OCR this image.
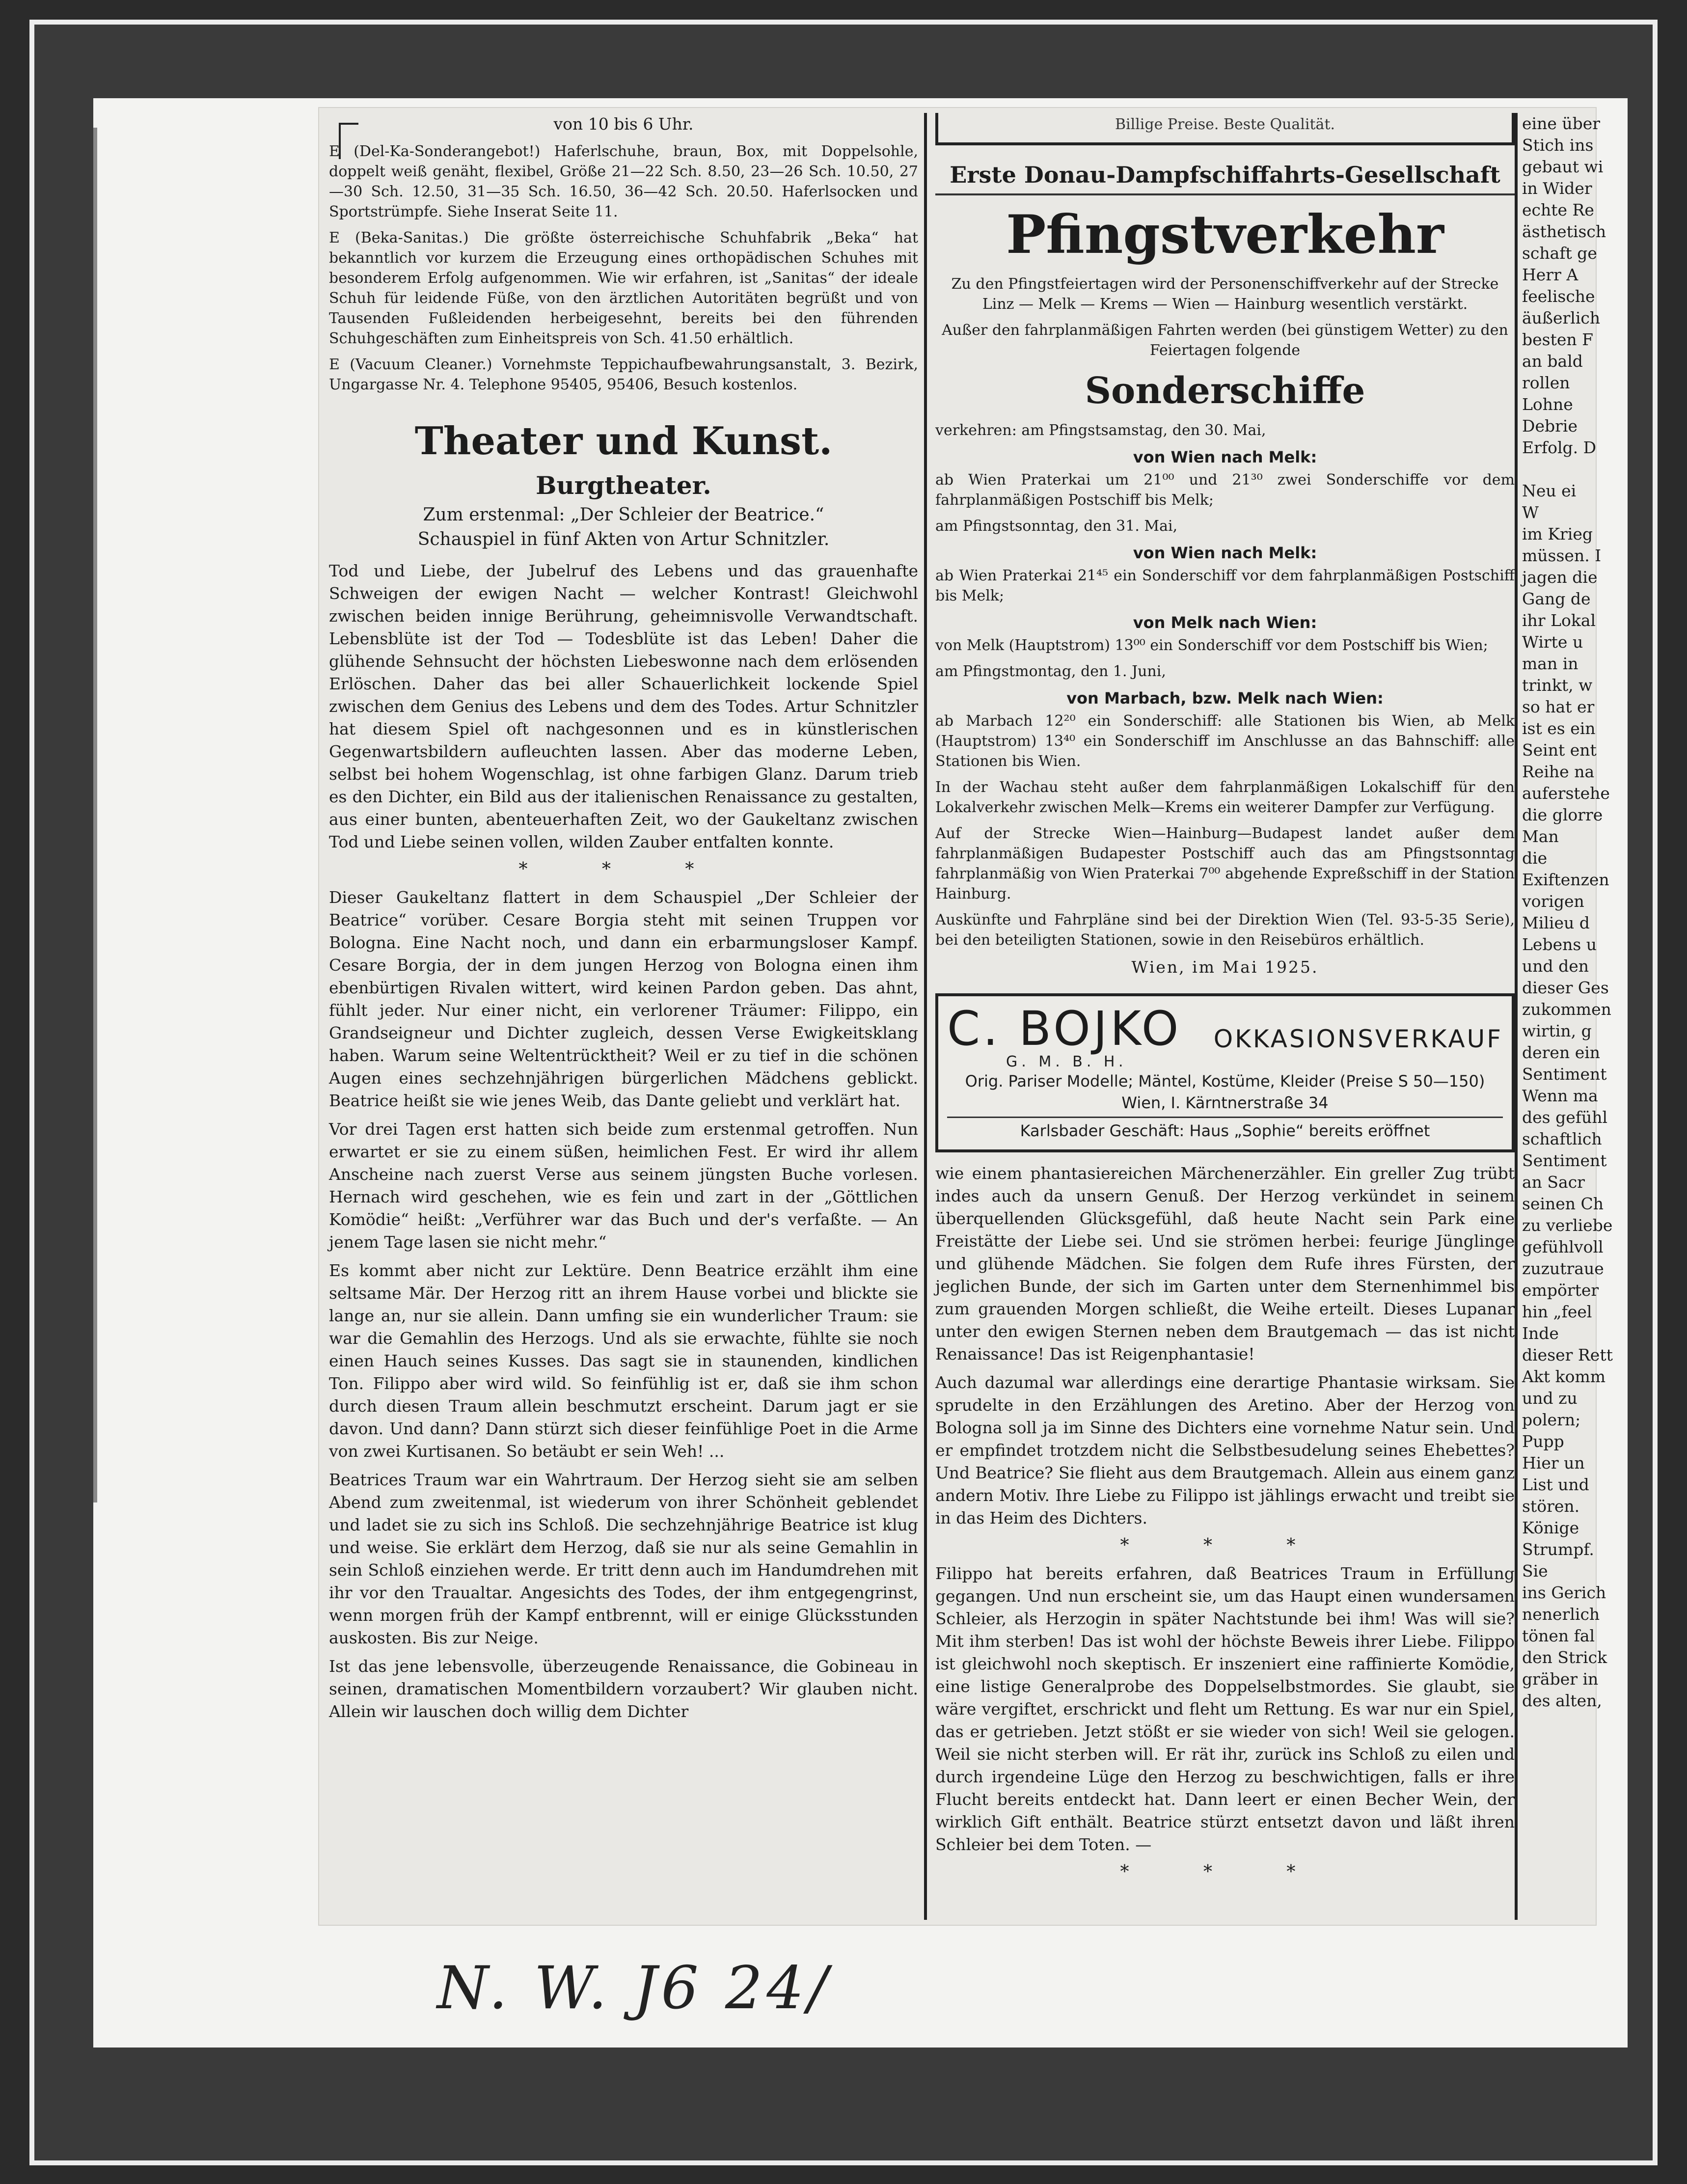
von 10 bis 6 Uhr.

E (Del-Ka-Sonderangebot!) Haferlschuhe, braun, Box, mit Doppelsohle, doppelt weiß genäht, flexibel, Größe 21—22 Sch. 8.50, 23—26 Sch. 10.50, 27—30 Sch. 12.50, 31—35 Sch. 16.50, 36—42 Sch. 20.50. Haferlsocken und Sportstrümpfe. Siehe Inserat Seite 11.

E (Beka-Sanitas.) Die größte österreichische Schuhfabrik „Beka“ hat bekanntlich vor kurzem die Erzeugung eines orthopädischen Schuhes mit besonderem Erfolg aufgenommen. Wie wir erfahren, ist „Sanitas“ der ideale Schuh für leidende Füße, von den ärztlichen Autoritäten begrüßt und von Tausenden Fußleidenden herbeigesehnt, bereits bei den führenden Schuhgeschäften zum Einheitspreis von Sch. 41.50 erhältlich.

E (Vacuum Cleaner.) Vornehmste Teppichaufbewahrungsanstalt, 3. Bezirk, Ungargasse Nr. 4. Telephone 95405, 95406, Besuch kostenlos.

Theater und Kunst.
Burgtheater.
Zum erstenmal: „Der Schleier der Beatrice.“
Schauspiel in fünf Akten von Artur Schnitzler.

Tod und Liebe, der Jubelruf des Lebens und das grauenhafte Schweigen der ewigen Nacht — welcher Kontrast! Gleichwohl zwischen beiden innige Berührung, geheimnisvolle Verwandtschaft. Lebensblüte ist der Tod — Todesblüte ist das Leben! Daher die glühende Sehnsucht der höchsten Liebeswonne nach dem erlösenden Erlöschen. Daher das bei aller Schauerlichkeit lockende Spiel zwischen dem Genius des Lebens und dem des Todes. Artur Schnitzler hat diesem Spiel oft nachgesonnen und es in künstlerischen Gegenwartsbildern aufleuchten lassen. Aber das moderne Leben, selbst bei hohem Wogenschlag, ist ohne farbigen Glanz. Darum trieb es den Dichter, ein Bild aus der italienischen Renaissance zu gestalten, aus einer bunten, abenteuerhaften Zeit, wo der Gaukeltanz zwischen Tod und Liebe seinen vollen, wilden Zauber entfalten konnte.

* * *

Dieser Gaukeltanz flattert in dem Schauspiel „Der Schleier der Beatrice“ vorüber. Cesare Borgia steht mit seinen Truppen vor Bologna. Eine Nacht noch, und dann ein erbarmungsloser Kampf. Cesare Borgia, der in dem jungen Herzog von Bologna einen ihm ebenbürtigen Rivalen wittert, wird keinen Pardon geben. Das ahnt, fühlt jeder. Nur einer nicht, ein verlorener Träumer: Filippo, ein Grandseigneur und Dichter zugleich, dessen Verse Ewigkeitsklang haben. Warum seine Weltentrücktheit? Weil er zu tief in die schönen Augen eines sechzehnjährigen bürgerlichen Mädchens geblickt. Beatrice heißt sie wie jenes Weib, das Dante geliebt und verklärt hat.

Vor drei Tagen erst hatten sich beide zum erstenmal getroffen. Nun erwartet er sie zu einem süßen, heimlichen Fest. Er wird ihr allem Anscheine nach zuerst Verse aus seinem jüngsten Buche vorlesen. Hernach wird geschehen, wie es fein und zart in der „Göttlichen Komödie“ heißt: „Verführer war das Buch und der's verfaßte. — An jenem Tage lasen sie nicht mehr.“

Es kommt aber nicht zur Lektüre. Denn Beatrice erzählt ihm eine seltsame Mär. Der Herzog ritt an ihrem Hause vorbei und blickte sie lange an, nur sie allein. Dann umfing sie ein wunderlicher Traum: sie war die Gemahlin des Herzogs. Und als sie erwachte, fühlte sie noch einen Hauch seines Kusses. Das sagt sie in staunenden, kindlichen Ton. Filippo aber wird wild. So feinfühlig ist er, daß sie ihm schon durch diesen Traum allein beschmutzt erscheint. Darum jagt er sie davon. Und dann? Dann stürzt sich dieser feinfühlige Poet in die Arme von zwei Kurtisanen. So betäubt er sein Weh! ...

Beatrices Traum war ein Wahrtraum. Der Herzog sieht sie am selben Abend zum zweitenmal, ist wiederum von ihrer Schönheit geblendet und ladet sie zu sich ins Schloß. Die sechzehnjährige Beatrice ist klug und weise. Sie erklärt dem Herzog, daß sie nur als seine Gemahlin in sein Schloß einziehen werde. Er tritt denn auch im Handumdrehen mit ihr vor den Traualtar. Angesichts des Todes, der ihm entgegengrinst, wenn morgen früh der Kampf entbrennt, will er einige Glücksstunden auskosten. Bis zur Neige.

Ist das jene lebensvolle, überzeugende Renaissance, die Gobineau in seinen, dramatischen Momentbildern vorzaubert? Wir glauben nicht. Allein wir lauschen doch willig dem Dichter

Billige Preise. Beste Qualität.
Erste Donau-Dampfschiffahrts-Gesellschaft
Pfingstverkehr

Zu den Pfingstfeiertagen wird der Personenschiffverkehr auf der Strecke Linz — Melk — Krems — Wien — Hainburg wesentlich verstärkt.

Außer den fahrplanmäßigen Fahrten werden (bei günstigem Wetter) zu den Feiertagen folgende

Sonderschiffe

verkehren: am Pfingstsamstag, den 30. Mai,

von Wien nach Melk:

ab Wien Praterkai um 21⁰⁰ und 21³⁰ zwei Sonderschiffe vor dem fahrplanmäßigen Postschiff bis Melk;

am Pfingstsonntag, den 31. Mai,

von Wien nach Melk:

ab Wien Praterkai 21⁴⁵ ein Sonderschiff vor dem fahrplanmäßigen Postschiff bis Melk;

von Melk nach Wien:

von Melk (Hauptstrom) 13⁰⁰ ein Sonderschiff vor dem Postschiff bis Wien;

am Pfingstmontag, den 1. Juni,

von Marbach, bzw. Melk nach Wien:

ab Marbach 12²⁰ ein Sonderschiff: alle Stationen bis Wien, ab Melk (Hauptstrom) 13⁴⁰ ein Sonderschiff im Anschlusse an das Bahnschiff: alle Stationen bis Wien.

In der Wachau steht außer dem fahrplanmäßigen Lokalschiff für den Lokalverkehr zwischen Melk—Krems ein weiterer Dampfer zur Verfügung.

Auf der Strecke Wien—Hainburg—Budapest landet außer dem fahrplanmäßigen Budapester Postschiff auch das am Pfingstsonntag fahrplanmäßig von Wien Praterkai 7⁰⁰ abgehende Expreßschiff in der Station Hainburg.

Auskünfte und Fahrpläne sind bei der Direktion Wien (Tel. 93-5-35 Serie), bei den beteiligten Stationen, sowie in den Reisebüros erhältlich.

Wien, im Mai 1925.

C. BOJKO OKKASIONSVERKAUF
G. M. B. H.
Orig. Pariser Modelle; Mäntel, Kostüme, Kleider (Preise S 50—150)
Wien, I. Kärntnerstraße 34
Karlsbader Geschäft: Haus „Sophie“ bereits eröffnet

wie einem phantasiereichen Märchenerzähler. Ein greller Zug trübt indes auch da unsern Genuß. Der Herzog verkündet in seinem überquellenden Glücksgefühl, daß heute Nacht sein Park eine Freistätte der Liebe sei. Und sie strömen herbei: feurige Jünglinge und glühende Mädchen. Sie folgen dem Rufe ihres Fürsten, der jeglichen Bunde, der sich im Garten unter dem Sternenhimmel bis zum grauenden Morgen schließt, die Weihe erteilt. Dieses Lupanar unter den ewigen Sternen neben dem Brautgemach — das ist nicht Renaissance! Das ist Reigenphantasie!

Auch dazumal war allerdings eine derartige Phantasie wirksam. Sie sprudelte in den Erzählungen des Aretino. Aber der Herzog von Bologna soll ja im Sinne des Dichters eine vornehme Natur sein. Und er empfindet trotzdem nicht die Selbstbesudelung seines Ehebettes? Und Beatrice? Sie flieht aus dem Brautgemach. Allein aus einem ganz andern Motiv. Ihre Liebe zu Filippo ist jählings erwacht und treibt sie in das Heim des Dichters.

* * *

Filippo hat bereits erfahren, daß Beatrices Traum in Erfüllung gegangen. Und nun erscheint sie, um das Haupt einen wundersamen Schleier, als Herzogin in später Nachtstunde bei ihm! Was will sie? Mit ihm sterben! Das ist wohl der höchste Beweis ihrer Liebe. Filippo ist gleichwohl noch skeptisch. Er inszeniert eine raffinierte Komödie, eine listige Generalprobe des Doppelselbstmordes. Sie glaubt, sie wäre vergiftet, erschrickt und fleht um Rettung. Es war nur ein Spiel, das er getrieben. Jetzt stößt er sie wieder von sich! Weil sie gelogen. Weil sie nicht sterben will. Er rät ihr, zurück ins Schloß zu eilen und durch irgendeine Lüge den Herzog zu beschwichtigen, falls er ihre Flucht bereits entdeckt hat. Dann leert er einen Becher Wein, der wirklich Gift enthält. Beatrice stürzt entsetzt davon und läßt ihren Schleier bei dem Toten. —

* * *

eine über

Stich ins

gebaut wi

in Wider

echte Re

ästhetisch

schaft ge

Herr A

feelische

äußerlich

besten F

an bald

rollen

Lohne

Debrie

Erfolg. D

Neu ei

W

im Krieg

müssen. I

jagen die

Gang de

ihr Lokal

Wirte u

man in

trinkt, w

so hat er

ist es ein

Seint ent

Reihe na

auferstehe

die glorre

Man

die

Exiftenzen

vorigen

Milieu d

Lebens u

und den

dieser Ges

zukommen

wirtin, g

deren ein

Sentiment

Wenn ma

des gefühl

schaftlich

Sentiment

an Sacr

seinen Ch

zu verliebe

gefühlvoll

zuzutraue

empörter

hin „feel

Inde

dieser Rett

Akt komm

und zu

polern;

Pupp

Hier un

List und

stören.

Könige

Strumpf.

Sie

ins Gerich

nenerlich

tönen fal

den Strick

gräber in

des alten,

N. W. J6 24/
